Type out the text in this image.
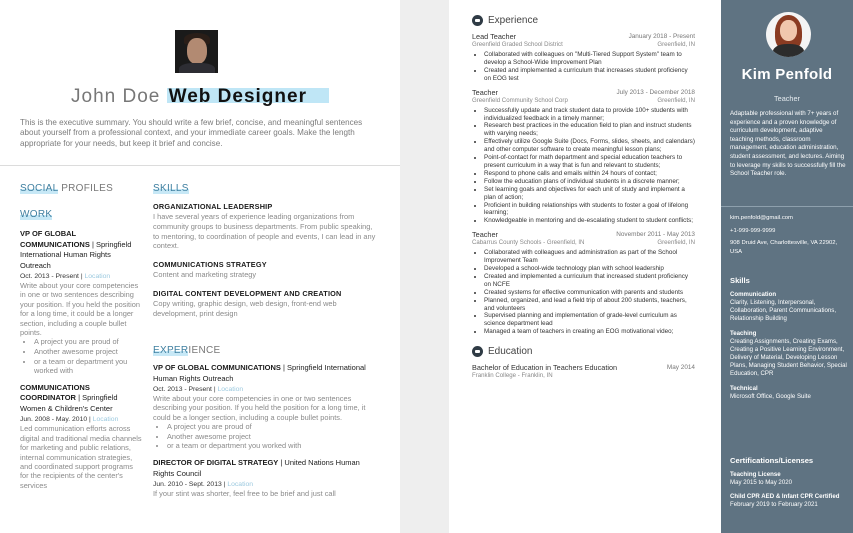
John Doe Web Designer

This is the executive summary. You should write a few brief, concise, and meaningful sentences about yourself from a professional context, and your immediate career goals. Make the length appropriate for your needs, but keep it brief and concise.

SOCIAL PROFILES
WORK
VP OF GLOBAL COMMUNICATIONS | Springfield International Human Rights Outreach
Oct. 2013 - Present | Location
Write about your core competencies in one or two sentences describing your position. If you held the position for a long time, it could be a longer section, including a couple bullet points.
• A project you are proud of
• Another awesome project
• or a team or department you worked with
COMMUNICATIONS COORDINATOR | Springfield Women & Children's Center
Jun. 2008 - May. 2010 | Location
Led communication efforts across digital and traditional media channels for marketing and public relations, internal communication strategies, and coordinated support programs for the recipients of the center's services
SKILLS
ORGANIZATIONAL LEADERSHIP
I have several years of experience leading organizations from community groups to business departments. From public speaking, to mentoring, to coordination of people and events, I can lead in any context.
COMMUNICATIONS STRATEGY
Content and marketing strategy
DIGITAL CONTENT DEVELOPMENT AND CREATION
Copy writing, graphic design, web design, front-end web development, print design
EXPERIENCE
VP OF GLOBAL COMMUNICATIONS | Springfield International Human Rights Outreach
Oct. 2013 - Present | Location
Write about your core competencies in one or two sentences describing your position. If you held the position for a long time, it could be a longer section, including a couple bullet points.
• A project you are proud of
• Another awesome project
• or a team or department you worked with
DIRECTOR OF DIGITAL STRATEGY | United Nations Human Rights Council
Jun. 2010 - Sept. 2013 | Location
If your stint was shorter, feel free to be brief and just call
Experience
Lead Teacher	January 2018 - Present
Greenfield Graded School District	Greenfield, IN
• Collaborated with colleagues on "Multi-Tiered Support System" team to develop a School-Wide Improvement Plan
• Created and implemented a curriculum that increases student proficiency on EOG test
Teacher	July 2013 - December 2018
Greenfield Community School Corp	Greenfield, IN
• Successfully update and track student data to provide 100+ students with individualized feedback in a timely manner;
• Research best practices in the education field to plan and instruct students with varying needs;
• Effectively utilize Google Suite (Docs, Forms, slides, sheets, and calendars) and other computer software to create meaningful lesson plans;
• Point-of-contact for math department and special education teachers to present curriculum in a way that is fun and relevant to students;
• Respond to phone calls and emails within 24 hours of contact;
• Follow the education plans of individual students in a discrete manner;
• Set learning goals and objectives for each unit of study and implement a plan of action;
• Proficient in building relationships with students to foster a goal of lifelong learning;
• Knowledgeable in mentoring and de-escalating student to student conflicts;
Teacher	November 2011 - May 2013
Cabarrus County Schools - Greenfield, IN	Greenfield, IN
• Collaborated with colleagues and administration as part of the School Improvement Team
• Developed a school-wide technology plan with school leadership
• Created and implemented a curriculum that increased student proficiency on NCFE
• Created systems for effective communication with parents and students
• Planned, organized, and lead a field trip of about 200 students, teachers, and volunteers
• Supervised planning and implementation of grade-level curriculum as science department lead
• Managed a team of teachers in creating an EOG motivational video;
Education
Bachelor of Education in Teachers Education	May 2014
Franklin College - Franklin, IN
Kim Penfold
Teacher
Adaptable professional with 7+ years of experience and a proven knowledge of curriculum development, adaptive teaching methods, classroom management, education administration, student assessment, and lectures. Aiming to leverage my skills to successfully fill the School Teacher role.
kim.penfold@gmail.com
+1-999-999-9999
908 Druid Ave, Charlottesville, VA 22902, USA
Skills
Communication
Clarity, Listening, Interpersonal, Collaboration, Parent Communications, Relationship Building
Teaching
Creating Assignments, Creating Exams, Creating a Positive Learning Environment, Delivery of Material, Developing Lesson Plans, Managing Student Behavior, Special Education, CPR
Technical
Microsoft Office, Google Suite
Certifications/Licenses
Teaching License
May 2015 to May 2020
Child CPR AED & Infant CPR Certified
February 2019 to February 2021
